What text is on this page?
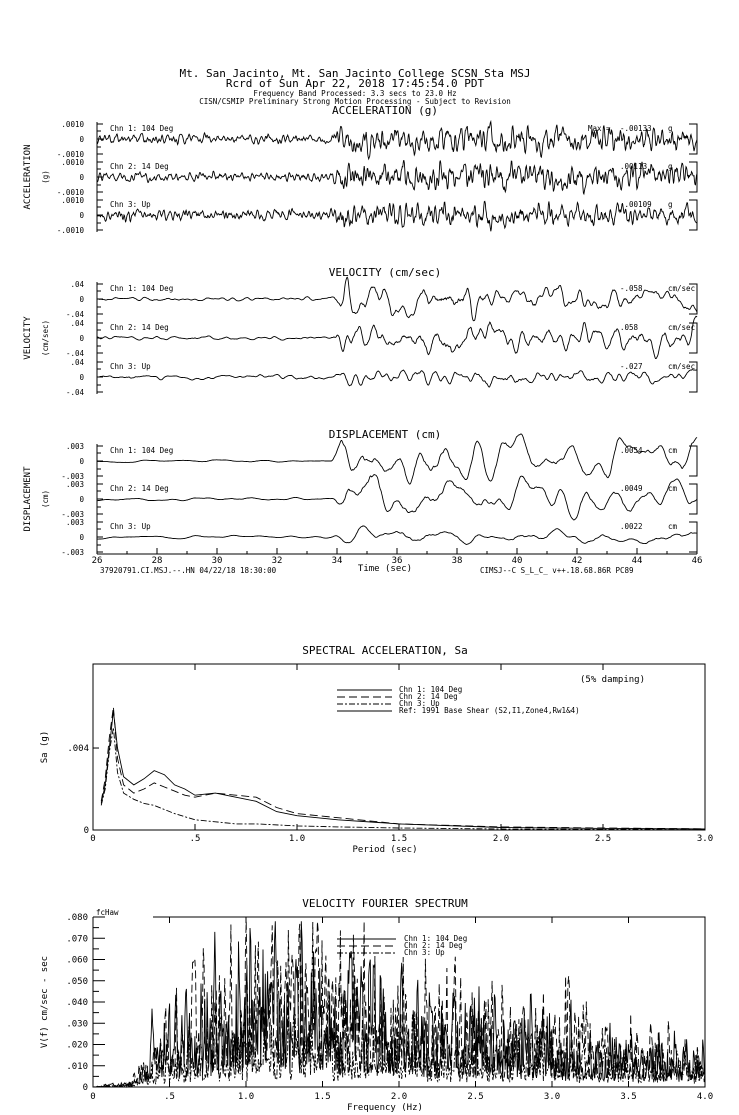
Mt. San Jacinto, Mt. San Jacinto College SCSN Sta MSJ
Rcrd of Sun Apr 22, 2018 17:45:54.0 PDT
Frequency Band Processed: 3.3 secs to 23.0 Hz
CISN/CSMIP Preliminary Strong Motion Processing - Subject to Revision
ACCELERATION (g)
ACCELERATION (g)
.0010
0
-.0010
Chn 1: 104 Deg	Max = -.00133 g
.0010
0
-.0010
Chn 2: 14 Deg	.00113	g
.0010
0
-.0010
Chn 3: Up	-.00109 g
VELOCITY (cm/sec)
VELOCITY (cm/sec)
.04
0
-.04
Chn 1: 104 Deg	-.058	cm/sec
.04
0
-.04
Chn 2: 14 Deg	.058	cm/sec
.04
0
-.04
Chn 3: Up	-.027	cm/sec
DISPLACEMENT (cm)
DISPLACEMENT (cm)
.003
0
-.003
Chn 1: 104 Deg	.0054	cm
.003
0
-.003
Chn 2: 14 Deg	.0049	cm
.003
0
-.003
Chn 3: Up	.0022	cm
26	28	30	32	34	36	38	40	42	44	46
Time (sec)
37920791.CI.MSJ.--.HN 04/22/18 18:30:00	CIMSJ--C S_L_C_ v++.18.68.86R PC89
SPECTRAL ACCELERATION, Sa
0	.5	1.0	1.5	2.0	2.5	3.0
.004
0
Period (sec)
Sa (g)
(5% damping)
Chn 1: 104 Deg
Chn 2: 14 Deg
Chn 3: Up
Ref: 1991 Base Shear (S2,I1,Zone4,Rw1&4)
VELOCITY FOURIER SPECTRUM
fcHaw
0	.5	1.0	1.5	2.0	2.5	3.0	3.5	4.0
.080
.070
.060
.050
.040
.030
.020
.010
0
Frequency (Hz)
V(f) cm/sec - sec
Chn 1: 104 Deg
Chn 2: 14 Deg
Chn 3: Up
